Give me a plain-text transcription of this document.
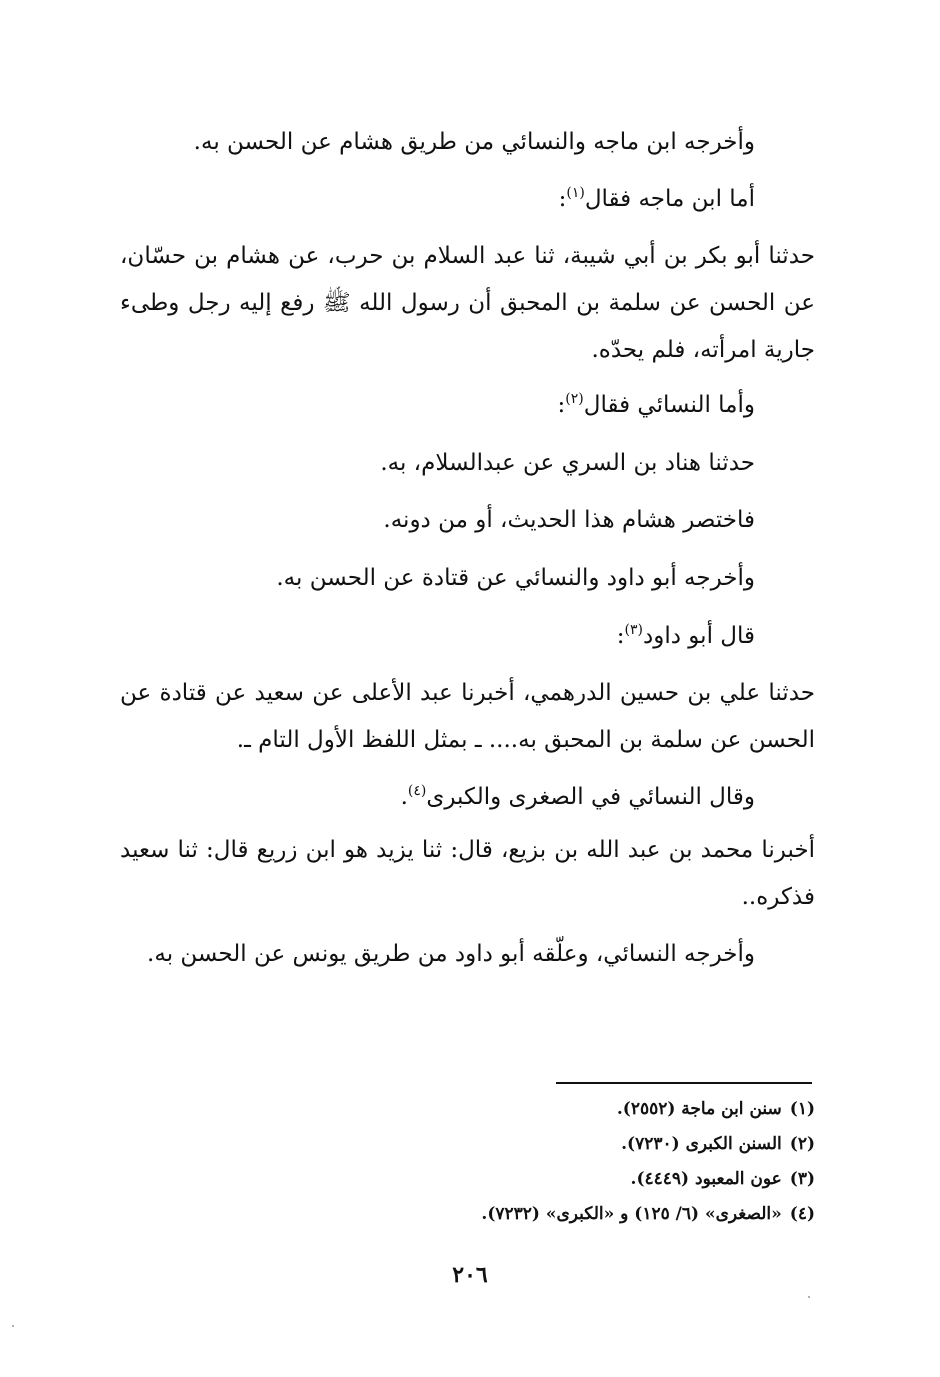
وأخرجه ابن ماجه والنسائي من طريق هشام عن الحسن به.

أما ابن ماجه فقال$^{(١)}$:

حدثنا أبو بكر بن أبي شيبة، ثنا عبد السلام بن حرب، عن هشام بن حسّان، عن الحسن عن سلمة بن المحبق أن رسول الله ﷺ رفع إليه رجل وطىء جارية امرأته، فلم يحدّه.

وأما النسائي فقال$^{(٢)}$:

حدثنا هناد بن السري عن عبدالسلام، به.

فاختصر هشام هذا الحديث، أو من دونه.

وأخرجه أبو داود والنسائي عن قتادة عن الحسن به.

قال أبو داود$^{(٣)}$:

حدثنا علي بن حسين الدرهمي، أخبرنا عبد الأعلى عن سعيد عن قتادة عن الحسن عن سلمة بن المحبق به.... ـ بمثل اللفظ الأول التام ـ.

وقال النسائي في الصغرى والكبرى$^{(٤)}$.

أخبرنا محمد بن عبد الله بن بزيع، قال: ثنا يزيد هو ابن زريع قال: ثنا سعيد فذكره..

وأخرجه النسائي، وعلّقه أبو داود من طريق يونس عن الحسن به.

(١)سنن ابن ماجة (٢٥٥٢).

(٢)السنن الكبرى (٧٢٣٠).

(٣)عون المعبود (٤٤٤٩).

(٤)«الصغرى» (٦/ ١٢٥) و «الكبرى» (٧٢٣٢).

٢٠٦
